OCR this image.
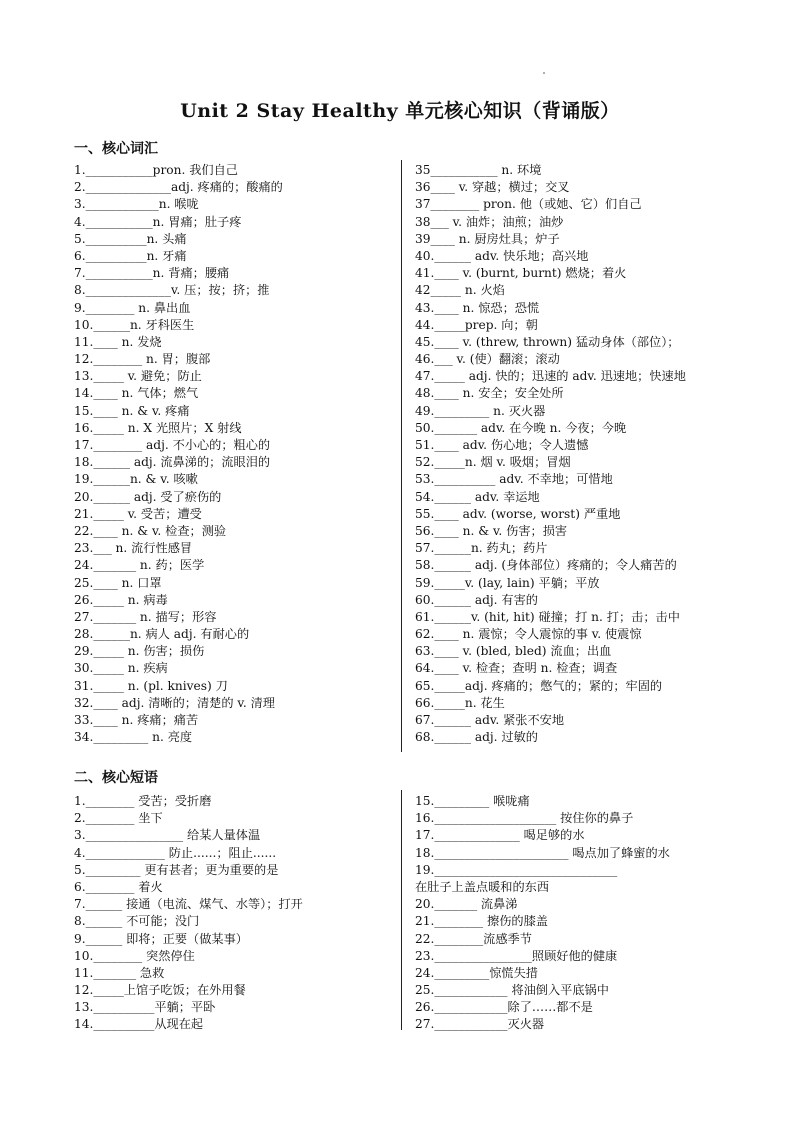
Unit 2 Stay Healthy 单元核心知识（背诵版）
一、核心词汇
1.___________pron. 我们自己
2.______________adj. 疼痛的；酸痛的
3.____________n. 喉咙
4.___________n. 胃痛；肚子疼
5.__________n. 头痛
6.__________n. 牙痛
7.___________n. 背痛；腰痛
8.______________v. 压；按；挤；推
9.________ n. 鼻出血
10.______n. 牙科医生
11.____ n. 发烧
12.________ n. 胃；腹部
13._____ v. 避免；防止
14.____ n. 气体；燃气
15.____ n. & v. 疼痛
16._____ n. X 光照片；X 射线
17.________ adj. 不小心的；粗心的
18.______ adj. 流鼻涕的；流眼泪的
19.______n. & v. 咳嗽
20.______ adj. 受了瘀伤的
21._____ v. 受苦；遭受
22.____ n. & v. 检查；测验
23.___ n. 流行性感冒
24._______ n. 药；医学
25.____ n. 口罩
26._____ n. 病毒
27._______ n. 描写；形容
28.______n. 病人 adj. 有耐心的
29._____ n. 伤害；损伤
30._____ n. 疾病
31._____ n. (pl. knives) 刀
32.____ adj. 清晰的；清楚的 v. 清理
33.____ n. 疼痛；痛苦
34._________ n. 亮度
35___________ n. 环境
36____ v. 穿越；横过；交叉
37________ pron. 他（或她、它）们自己
38___ v. 油炸；油煎；油炒
39____ n. 厨房灶具；炉子
40.______ adv. 快乐地；高兴地
41.____ v. (burnt, burnt) 燃烧；着火
42_____ n. 火焰
43.____ n. 惊恐；恐慌
44._____prep. 向；朝
45.____ v. (threw, thrown) 猛动身体（部位）；
46.___ v. (使）翻滚；滚动
47._____ adj. 快的；迅速的 adv. 迅速地；快速地
48.____ n. 安全；安全处所
49._________ n. 灭火器
50._______ adv. 在今晚 n. 今夜；今晚
51.____ adv. 伤心地；令人遗憾
52._____n. 烟 v. 吸烟；冒烟
53.__________ adv. 不幸地；可惜地
54.______ adv. 幸运地
55.____ adv. (worse, worst) 严重地
56.____ n. & v. 伤害；损害
57.______n. 药丸；药片
58.______ adj. (身体部位）疼痛的；令人痛苦的
59._____v. (lay, lain) 平躺；平放
60.______ adj. 有害的
61.______v. (hit, hit) 碰撞；打 n. 打；击；击中
62.____ n. 震惊；令人震惊的事 v. 使震惊
63.____ v. (bled, bled) 流血；出血
64.____ v. 检查；查明 n. 检查；调查
65._____adj. 疼痛的；憋气的；紧的；牢固的
66._____n. 花生
67.______ adv. 紧张不安地
68.______ adj. 过敏的
二、核心短语
1.________ 受苦；受折磨
2.________ 坐下
3.________________ 给某人量体温
4._____________ 防止......；阻止......
5._________ 更有甚者；更为重要的是
6.________ 着火
7.______ 接通（电流、煤气、水等）；打开
8.______ 不可能；没门
9.______ 即将；正要（做某事）
10.________ 突然停住
11._______ 急救
12._____上馆子吃饭；在外用餐
13.__________平躺；平卧
14.__________从现在起
15._________ 喉咙痛
16.____________________ 按住你的鼻子
17.______________ 喝足够的水
18.______________________ 喝点加了蜂蜜的水
19.______________________________
在肚子上盖点暖和的东西
20._______ 流鼻涕
21.________ 擦伤的膝盖
22.________流感季节
23.________________照顾好他的健康
24._________惊慌失措
25.____________ 将油倒入平底锅中
26.____________除了……都不是
27.____________灭火器
